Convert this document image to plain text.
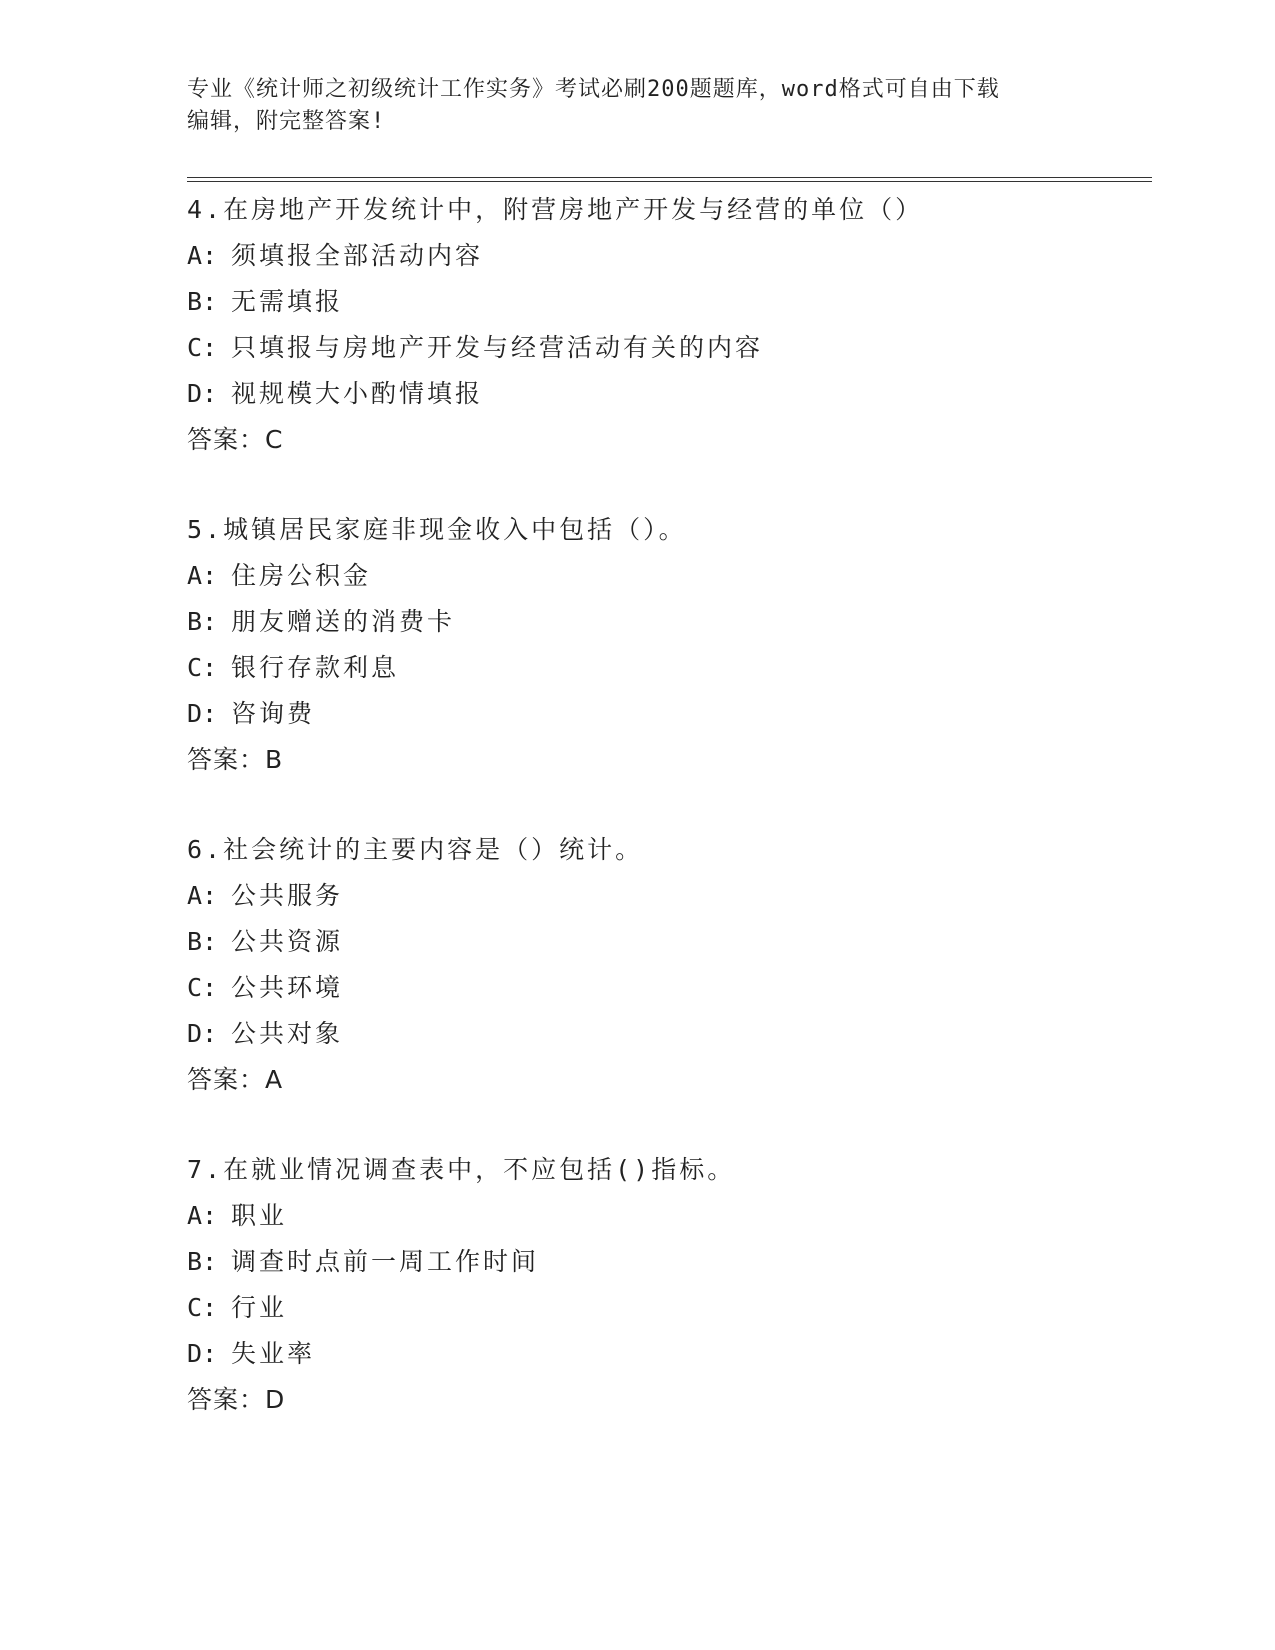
专业《统计师之初级统计工作实务》考试必刷200题题库，word格式可自由下载
编辑，附完整答案!
4.在房地产开发统计中，附营房地产开发与经营的单位（）
A: 须填报全部活动内容
B: 无需填报
C: 只填报与房地产开发与经营活动有关的内容
D: 视规模大小酌情填报
答案：C
5.城镇居民家庭非现金收入中包括（）。
A: 住房公积金
B: 朋友赠送的消费卡
C: 银行存款利息
D: 咨询费
答案：B
6.社会统计的主要内容是（）统计。
A: 公共服务
B: 公共资源
C: 公共环境
D: 公共对象
答案：A
7.在就业情况调查表中，不应包括()指标。
A: 职业
B: 调查时点前一周工作时间
C: 行业
D: 失业率
答案：D
